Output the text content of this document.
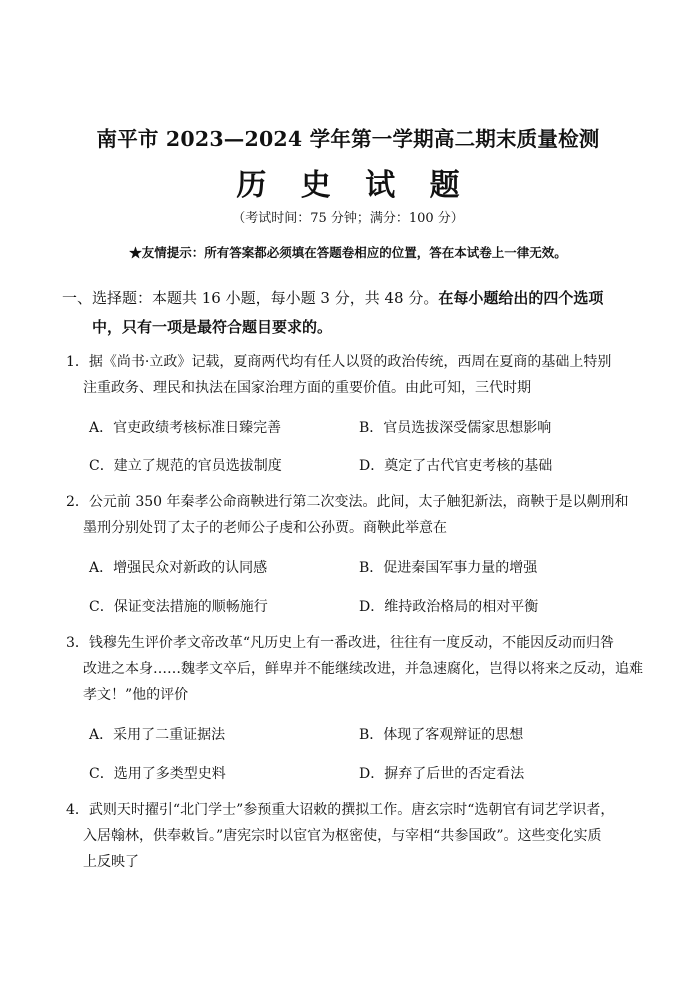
南平市 2023—2024 学年第一学期高二期末质量检测
历 史 试 题
（考试时间：75 分钟；满分：100 分）
★友情提示：所有答案都必须填在答题卷相应的位置，答在本试卷上一律无效。
一、选择题：本题共 16 小题，每小题 3 分，共 48 分。在每小题给出的四个选项
中，只有一项是最符合题目要求的。
1．据《尚书·立政》记载，夏商两代均有任人以贤的政治传统，西周在夏商的基础上特别
注重政务、理民和执法在国家治理方面的重要价值。由此可知，三代时期
A．官吏政绩考核标准日臻完善	B．官员选拔深受儒家思想影响
C．建立了规范的官员选拔制度	D．奠定了古代官吏考核的基础
2．公元前 350 年秦孝公命商鞅进行第二次变法。此间，太子触犯新法，商鞅于是以劓刑和
墨刑分别处罚了太子的老师公子虔和公孙贾。商鞅此举意在
A．增强民众对新政的认同感	B．促进秦国军事力量的增强
C．保证变法措施的顺畅施行	D．维持政治格局的相对平衡
3．钱穆先生评价孝文帝改革“凡历史上有一番改进，往往有一度反动，不能因反动而归咎
改进之本身……魏孝文卒后，鲜卑并不能继续改进，并急速腐化，岂得以将来之反动，追难
孝文！”他的评价
A．采用了二重证据法	B．体现了客观辩证的思想
C．选用了多类型史料	D．摒弃了后世的否定看法
4．武则天时擢引“北门学士”参预重大诏敕的撰拟工作。唐玄宗时“选朝官有词艺学识者，
入居翰林，供奉敕旨。”唐宪宗时以宦官为枢密使，与宰相“共参国政”。这些变化实质
上反映了
